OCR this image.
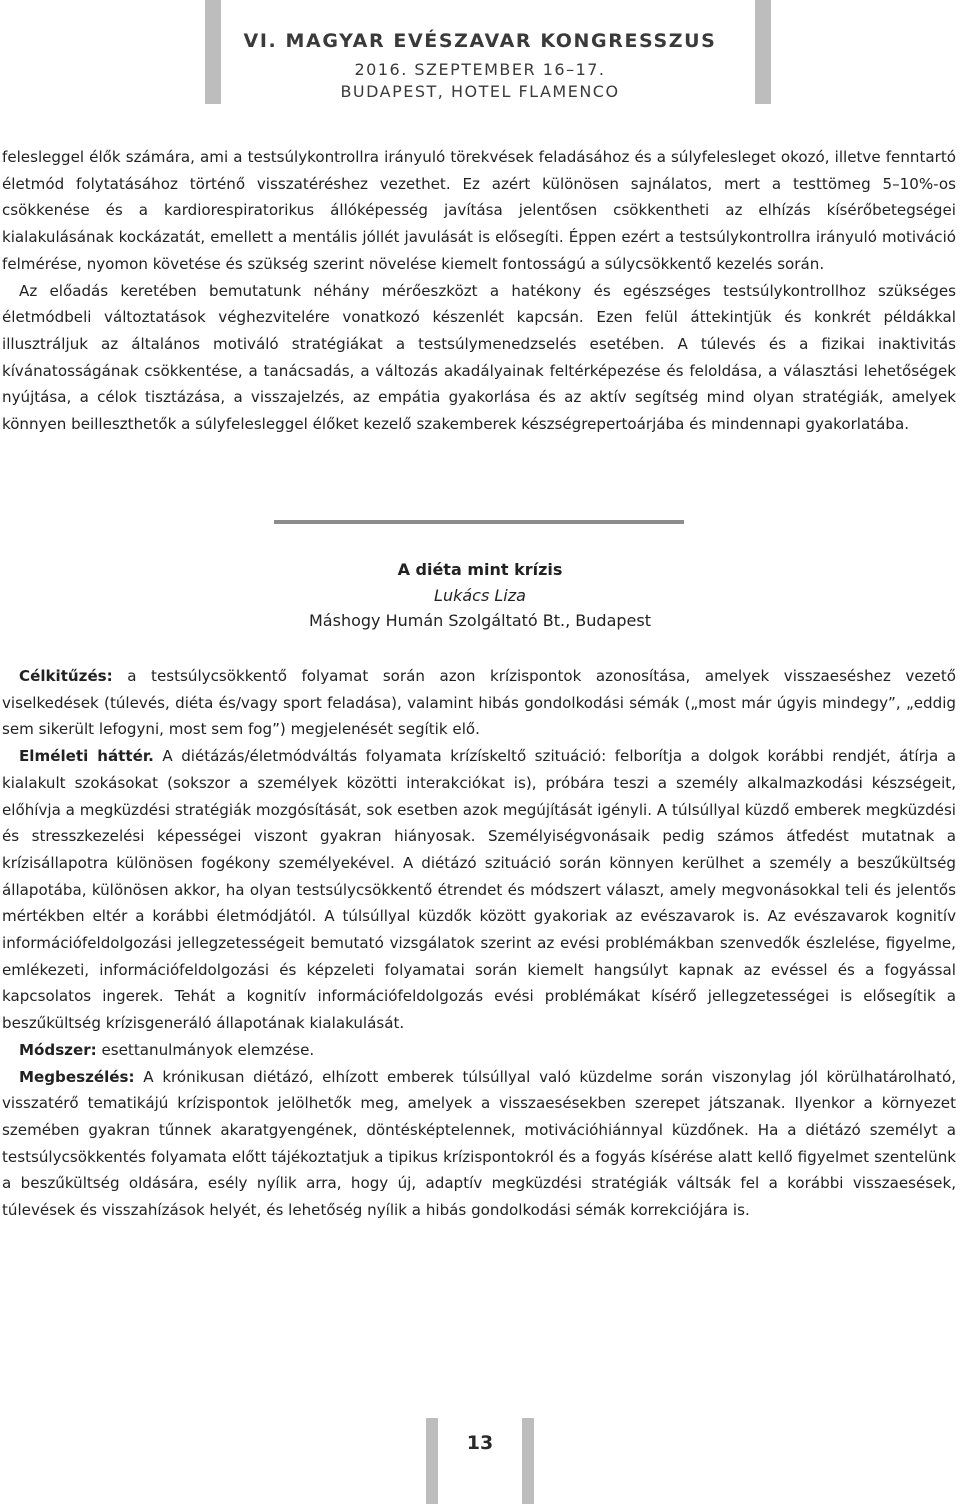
VI. MAGYAR EVÉSZAVAR KONGRESSZUS
2016. SZEPTEMBER 16–17.
BUDAPEST, HOTEL FLAMENCO

felesleggel élők számára, ami a testsúlykontrollra irányuló törekvések feladásához és a súlyfelesleget okozó, illetve fenntartó életmód folytatásához történő visszatéréshez vezethet. Ez azért különösen sajnálatos, mert a testtömeg 5–10%-os csökkenése és a kardiorespiratorikus állóképesség javítása jelentősen csökkentheti az elhízás kísérőbetegségei kialakulásának kockázatát, emellett a mentális jóllét javulását is elősegíti. Éppen ezért a testsúlykontrollra irányuló motiváció felmérése, nyomon követése és szükség szerint növelése kiemelt fontosságú a súlycsökkentő kezelés során.

Az előadás keretében bemutatunk néhány mérőeszközt a hatékony és egészséges testsúlykontrollhoz szükséges életmódbeli változtatások véghezvitelére vonatkozó készenlét kapcsán. Ezen felül áttekintjük és konkrét példákkal illusztráljuk az általános motiváló stratégiákat a testsúlymenedzselés esetében. A túlevés és a fizikai inaktivitás kívánatosságának csökkentése, a tanácsadás, a változás akadályainak feltérképezése és feloldása, a választási lehetőségek nyújtása, a célok tisztázása, a visszajelzés, az empátia gyakorlása és az aktív segítség mind olyan stratégiák, amelyek könnyen beilleszthetők a súlyfelesleggel élőket kezelő szakemberek készségrepertoárjába és mindennapi gyakorlatába.

A diéta mint krízis
Lukács Liza
Máshogy Humán Szolgáltató Bt., Budapest

Célkitűzés: a testsúlycsökkentő folyamat során azon krízispontok azonosítása, amelyek visszaeséshez vezető viselkedések (túlevés, diéta és/vagy sport feladása), valamint hibás gondolkodási sémák („most már úgyis mindegy”, „eddig sem sikerült lefogyni, most sem fog”) megjelenését segítik elő.

Elméleti háttér. A diétázás/életmódváltás folyamata krízískeltő szituáció: felborítja a dolgok korábbi rendjét, átírja a kialakult szokásokat (sokszor a személyek közötti interakciókat is), próbára teszi a személy alkalmazkodási készségeit, előhívja a megküzdési stratégiák mozgósítását, sok esetben azok megújítását igényli. A túlsúllyal küzdő emberek megküzdési és stresszkezelési képességei viszont gyakran hiányosak. Személyiségvonásaik pedig számos átfedést mutatnak a krízisállapotra különösen fogékony személyekével. A diétázó szituáció során könnyen kerülhet a személy a beszűkültség állapotába, különösen akkor, ha olyan testsúlycsökkentő étrendet és módszert választ, amely megvonásokkal teli és jelentős mértékben eltér a korábbi életmódjától. A túlsúllyal küzdők között gyakoriak az evészavarok is. Az evészavarok kognitív információfeldolgozási jellegzetességeit bemutató vizsgálatok szerint az evési problémákban szenvedők észlelése, figyelme, emlékezeti, információfeldolgozási és képzeleti folyamatai során kiemelt hangsúlyt kapnak az evéssel és a fogyással kapcsolatos ingerek. Tehát a kognitív információfeldolgozás evési problémákat kísérő jellegzetességei is elősegítik a beszűkültség krízisgeneráló állapotának kialakulását.

Módszer: esettanulmányok elemzése.

Megbeszélés: A krónikusan diétázó, elhízott emberek túlsúllyal való küzdelme során viszonylag jól körülhatárolható, visszatérő tematikájú krízispontok jelölhetők meg, amelyek a visszaesésekben szerepet játszanak. Ilyenkor a környezet szemében gyakran tűnnek akaratgyengének, döntésképtelennek, motivációhiánnyal küzdőnek. Ha a diétázó személyt a testsúlycsökkentés folyamata előtt tájékoztatjuk a tipikus krízispontokról és a fogyás kísérése alatt kellő figyelmet szentelünk a beszűkültség oldására, esély nyílik arra, hogy új, adaptív megküzdési stratégiák váltsák fel a korábbi visszaesések, túlevések és visszahízások helyét, és lehetőség nyílik a hibás gondolkodási sémák korrekciójára is.

13
